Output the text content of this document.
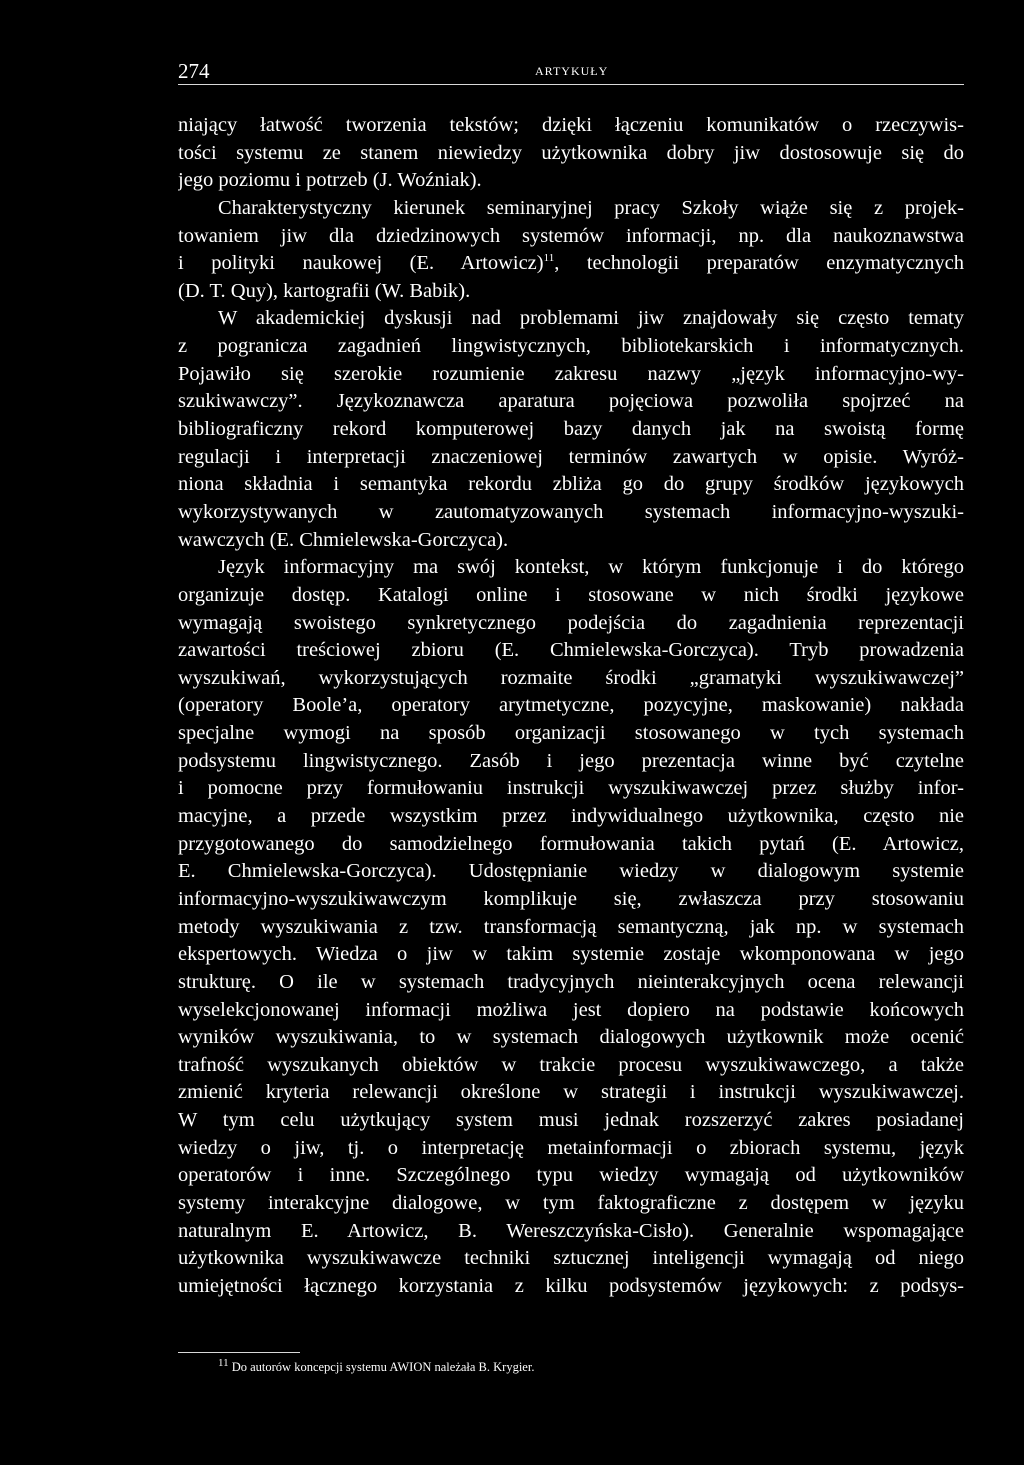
274	ARTYKUŁY
niający łatwość tworzenia tekstów; dzięki łączeniu komunikatów o rzeczywis-
tości systemu ze stanem niewiedzy użytkownika dobry jiw dostosowuje się do
jego poziomu i potrzeb (J. Woźniak).
Charakterystyczny kierunek seminaryjnej pracy Szkoły wiąże się z projek-
towaniem jiw dla dziedzinowych systemów informacji, np. dla naukoznawstwa
i polityki naukowej (E. Artowicz)$^{11}$, technologii preparatów enzymatycznych
(D. T. Quy), kartografii (W. Babik).
W akademickiej dyskusji nad problemami jiw znajdowały się często tematy
z pogranicza zagadnień lingwistycznych, bibliotekarskich i informatycznych.
Pojawiło się szerokie rozumienie zakresu nazwy „język informacyjno-wy-
szukiwawczy”. Językoznawcza aparatura pojęciowa pozwoliła spojrzeć na
bibliograficzny rekord komputerowej bazy danych jak na swoistą formę
regulacji i interpretacji znaczeniowej terminów zawartych w opisie. Wyróż-
niona składnia i semantyka rekordu zbliża go do grupy środków językowych
wykorzystywanych w zautomatyzowanych systemach informacyjno-wyszuki-
wawczych (E. Chmielewska-Gorczyca).
Język informacyjny ma swój kontekst, w którym funkcjonuje i do którego
organizuje dostęp. Katalogi online i stosowane w nich środki językowe
wymagają swoistego synkretycznego podejścia do zagadnienia reprezentacji
zawartości treściowej zbioru (E. Chmielewska-Gorczyca). Tryb prowadzenia
wyszukiwań, wykorzystujących rozmaite środki „gramatyki wyszukiwawczej”
(operatory Boole’a, operatory arytmetyczne, pozycyjne, maskowanie) nakłada
specjalne wymogi na sposób organizacji stosowanego w tych systemach
podsystemu lingwistycznego. Zasób i jego prezentacja winne być czytelne
i pomocne przy formułowaniu instrukcji wyszukiwawczej przez służby infor-
macyjne, a przede wszystkim przez indywidualnego użytkownika, często nie
przygotowanego do samodzielnego formułowania takich pytań (E. Artowicz,
E. Chmielewska-Gorczyca). Udostępnianie wiedzy w dialogowym systemie
informacyjno-wyszukiwawczym komplikuje się, zwłaszcza przy stosowaniu
metody wyszukiwania z tzw. transformacją semantyczną, jak np. w systemach
ekspertowych. Wiedza o jiw w takim systemie zostaje wkomponowana w jego
strukturę. O ile w systemach tradycyjnych nieinterakcyjnych ocena relewancji
wyselekcjonowanej informacji możliwa jest dopiero na podstawie końcowych
wyników wyszukiwania, to w systemach dialogowych użytkownik może ocenić
trafność wyszukanych obiektów w trakcie procesu wyszukiwawczego, a także
zmienić kryteria relewancji określone w strategii i instrukcji wyszukiwawczej.
W tym celu użytkujący system musi jednak rozszerzyć zakres posiadanej
wiedzy o jiw, tj. o interpretację metainformacji o zbiorach systemu, język
operatorów i inne. Szczególnego typu wiedzy wymagają od użytkowników
systemy interakcyjne dialogowe, w tym faktograficzne z dostępem w języku
naturalnym E. Artowicz, B. Wereszczyńska-Cisło). Generalnie wspomagające
użytkownika wyszukiwawcze techniki sztucznej inteligencji wymagają od niego
umiejętności łącznego korzystania z kilku podsystemów językowych: z podsys-
$^{11}$ Do autorów koncepcji systemu AWION należała B. Krygier.
